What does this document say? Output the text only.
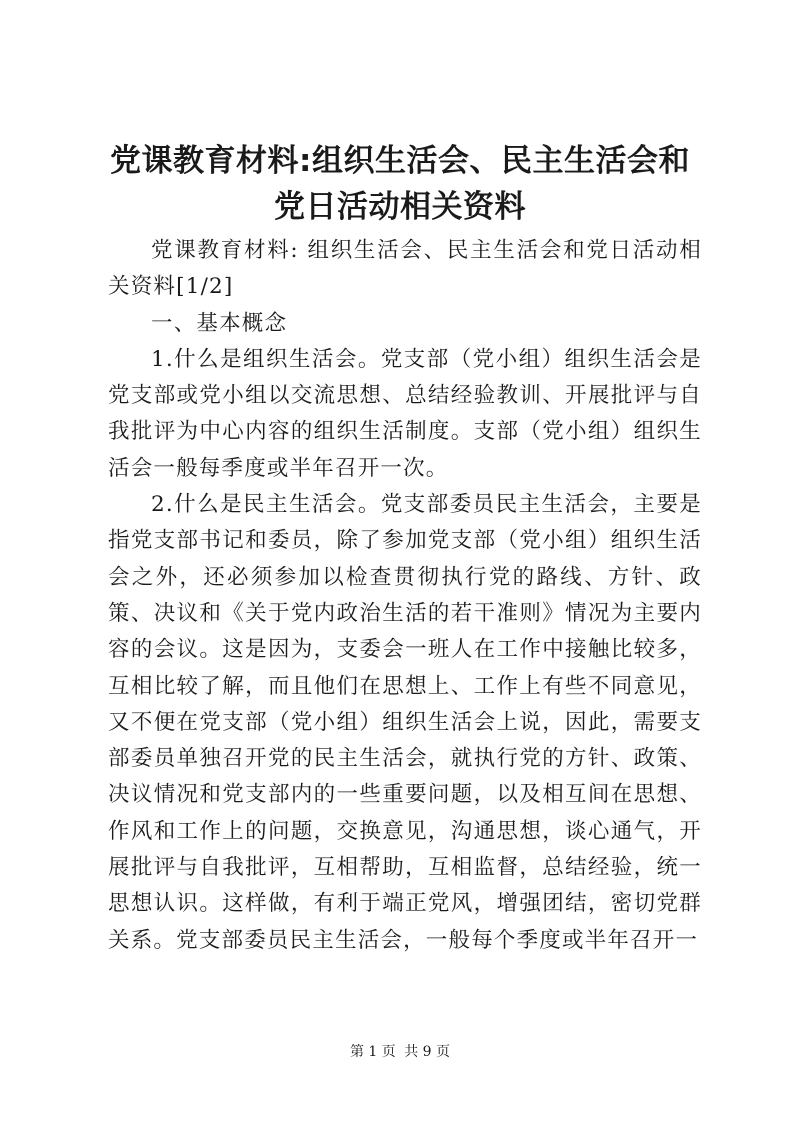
党课教育材料:组织生活会、民主生活会和党日活动相关资料

党课教育材料: 组织生活会、民主生活会和党日活动相关资料[1/2]

一、基本概念

1.什么是组织生活会。党支部（党小组）组织生活会是党支部或党小组以交流思想、总结经验教训、开展批评与自我批评为中心内容的组织生活制度。支部（党小组）组织生活会一般每季度或半年召开一次。

2.什么是民主生活会。党支部委员民主生活会，主要是指党支部书记和委员，除了参加党支部（党小组）组织生活会之外，还必须参加以检查贯彻执行党的路线、方针、政策、决议和《关于党内政治生活的若干准则》情况为主要内容的会议。这是因为，支委会一班人在工作中接触比较多，互相比较了解，而且他们在思想上、工作上有些不同意见，又不便在党支部（党小组）组织生活会上说，因此，需要支部委员单独召开党的民主生活会，就执行党的方针、政策、决议情况和党支部内的一些重要问题，以及相互间在思想、作风和工作上的问题，交换意见，沟通思想，谈心通气，开展批评与自我批评，互相帮助，互相监督，总结经验，统一思想认识。这样做，有利于端正党风，增强团结，密切党群关系。党支部委员民主生活会，一般每个季度或半年召开一

第 1 页 共 9 页
